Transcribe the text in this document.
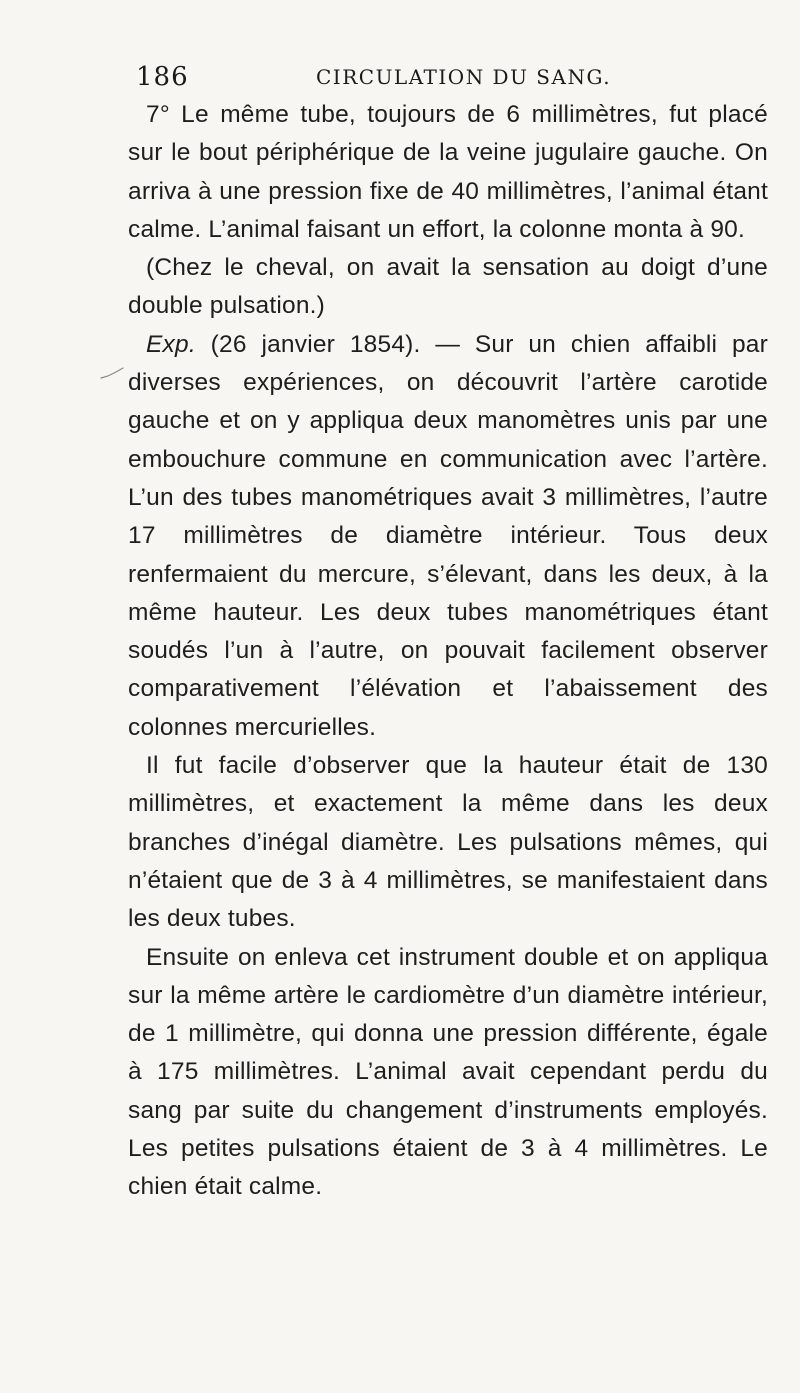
186	CIRCULATION DU SANG.

7° Le même tube, toujours de 6 millimètres, fut placé sur le bout périphérique de la veine jugulaire gauche. On arriva à une pression fixe de 40 millimètres, l’animal étant calme. L’animal faisant un effort, la colonne monta à 90.

(Chez le cheval, on avait la sensation au doigt d’une double pulsation.)

Exp. (26 janvier 1854). — Sur un chien affaibli par diverses expériences, on découvrit l’artère carotide gauche et on y appliqua deux manomètres unis par une embouchure commune en communication avec l’artère. L’un des tubes manométriques avait 3 millimètres, l’autre 17 millimètres de diamètre intérieur. Tous deux renfermaient du mercure, s’élevant, dans les deux, à la même hauteur. Les deux tubes manométriques étant soudés l’un à l’autre, on pouvait facilement observer comparativement l’élévation et l’abaissement des colonnes mercurielles.

Il fut facile d’observer que la hauteur était de 130 millimètres, et exactement la même dans les deux branches d’inégal diamètre. Les pulsations mêmes, qui n’étaient que de 3 à 4 millimètres, se manifestaient dans les deux tubes.

Ensuite on enleva cet instrument double et on appliqua sur la même artère le cardiomètre d’un diamètre intérieur, de 1 millimètre, qui donna une pression différente, égale à 175 millimètres. L’animal avait cependant perdu du sang par suite du changement d’instruments employés. Les petites pulsations étaient de 3 à 4 millimètres. Le chien était calme.
